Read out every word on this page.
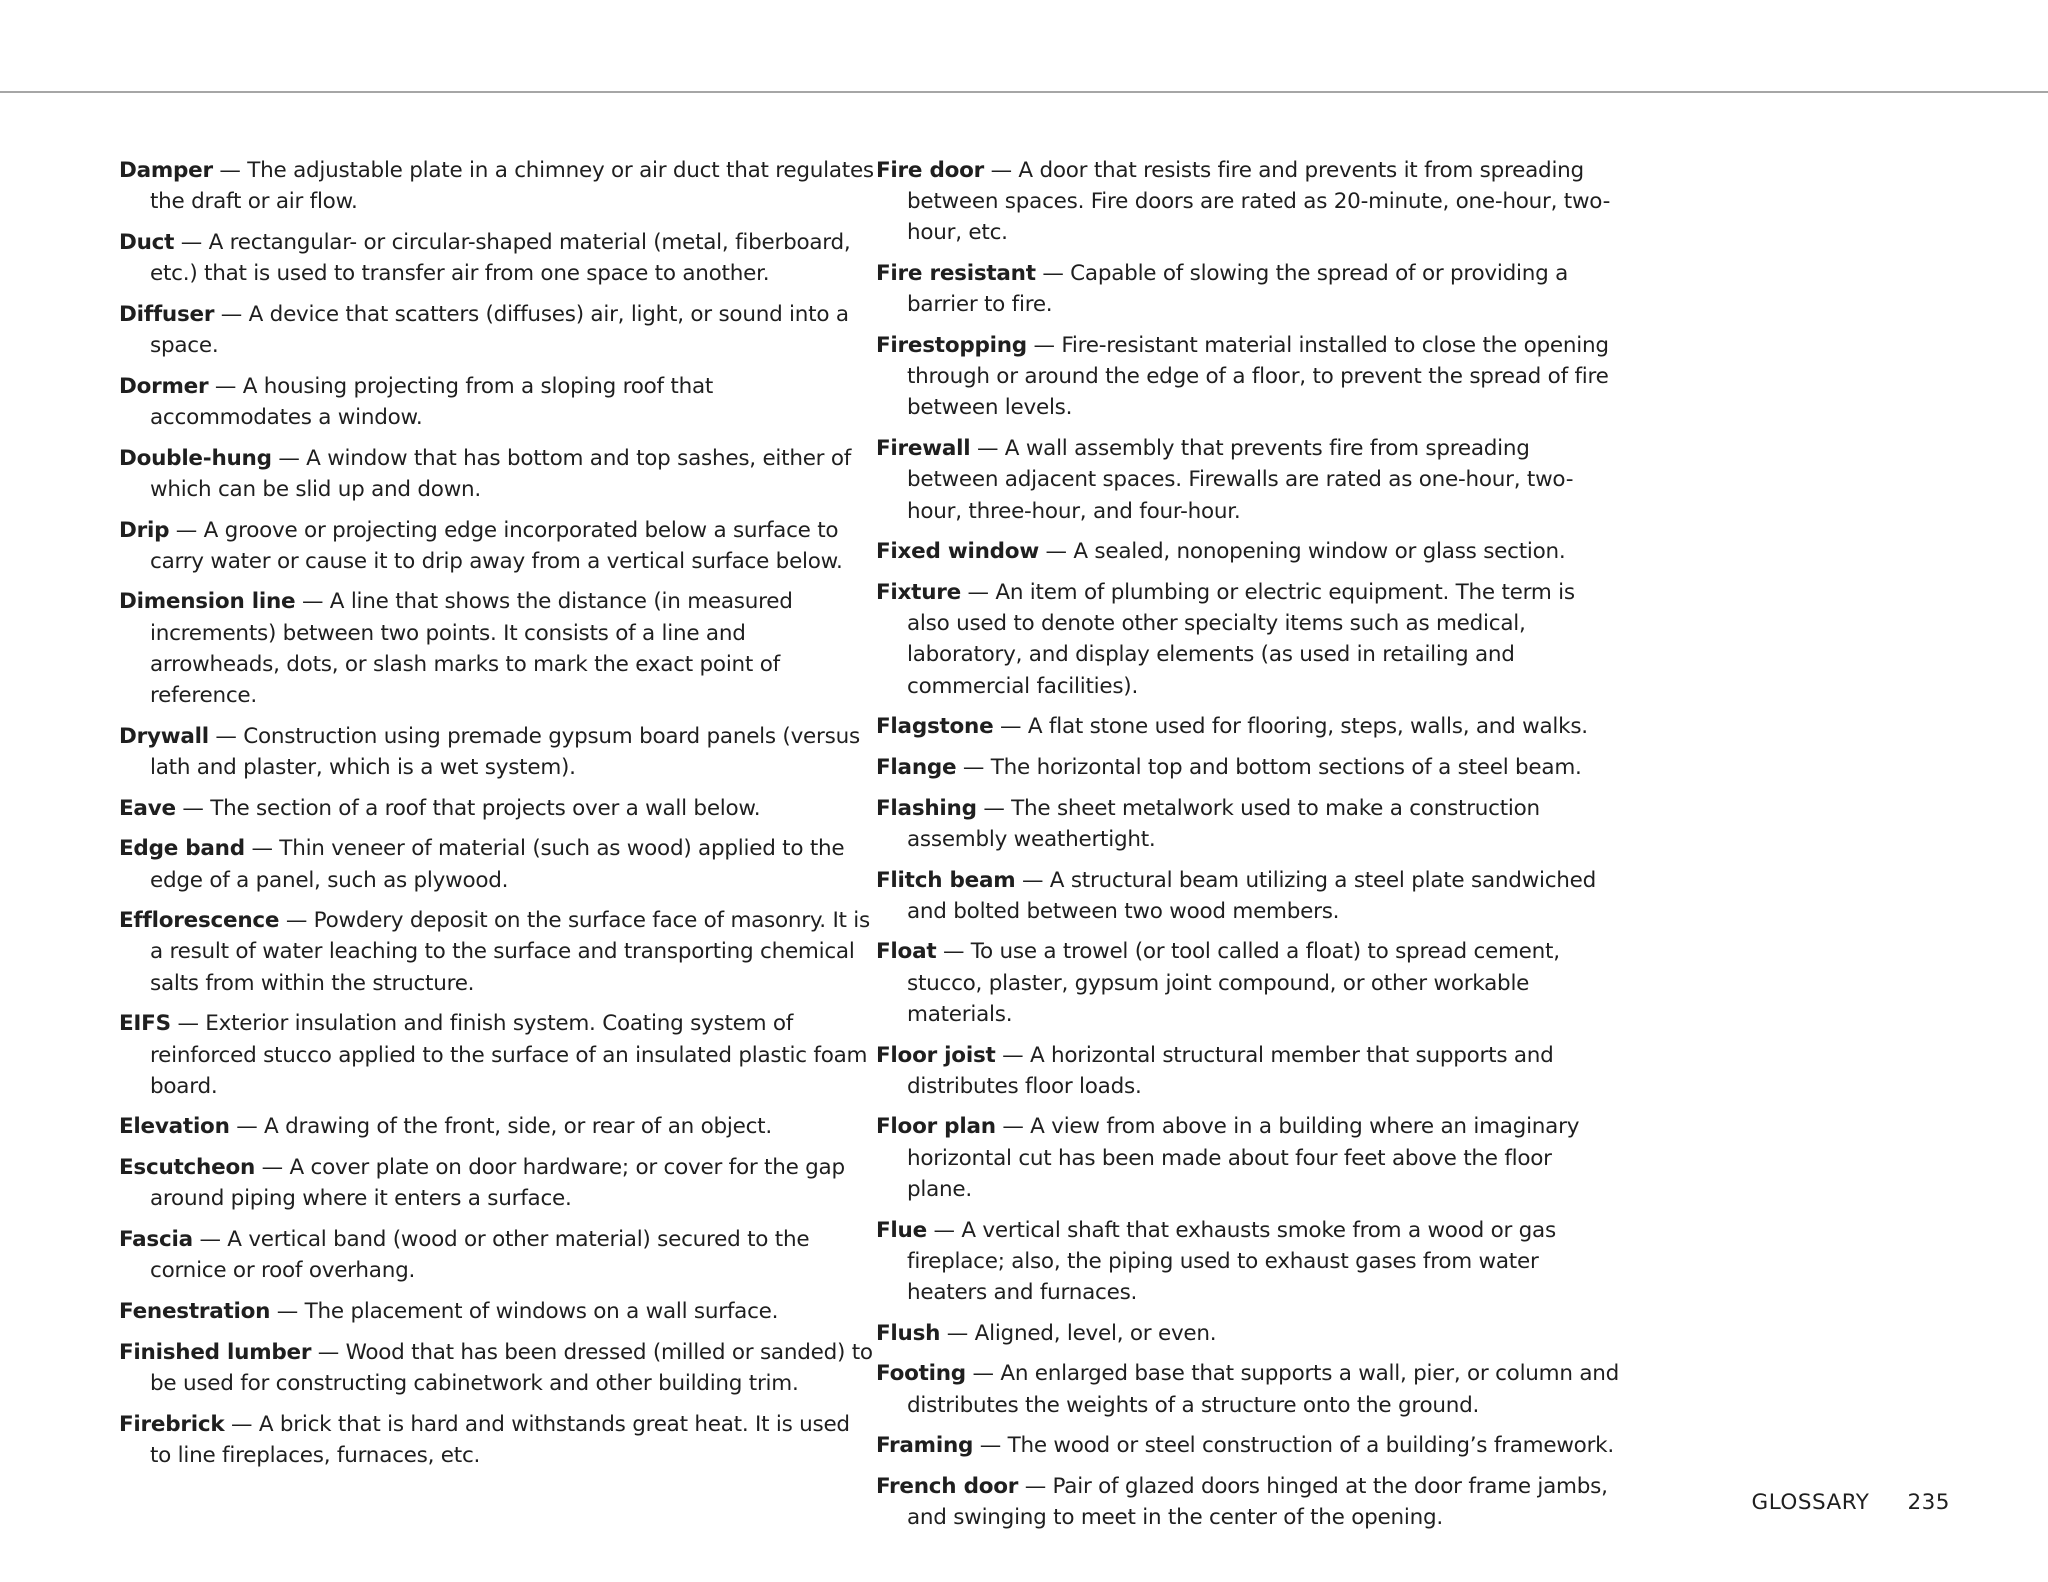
Damper — The adjustable plate in a chimney or air duct that regulates the draft or air flow.

Duct — A rectangular- or circular-shaped material (metal, fiberboard, etc.) that is used to transfer air from one space to another.

Diffuser — A device that scatters (diffuses) air, light, or sound into a space.

Dormer — A housing projecting from a sloping roof that accommodates a window.

Double-hung — A window that has bottom and top sashes, either of which can be slid up and down.

Drip — A groove or projecting edge incorporated below a surface to carry water or cause it to drip away from a vertical surface below.

Dimension line — A line that shows the distance (in measured increments) between two points. It consists of a line and arrowheads, dots, or slash marks to mark the exact point of reference.

Drywall — Construction using premade gypsum board panels (versus lath and plaster, which is a wet system).

Eave — The section of a roof that projects over a wall below.

Edge band — Thin veneer of material (such as wood) applied to the edge of a panel, such as plywood.

Efflorescence — Powdery deposit on the surface face of masonry. It is a result of water leaching to the surface and transporting chemical salts from within the structure.

EIFS — Exterior insulation and finish system. Coating system of reinforced stucco applied to the surface of an insulated plastic foam board.

Elevation — A drawing of the front, side, or rear of an object.

Escutcheon — A cover plate on door hardware; or cover for the gap around piping where it enters a surface.

Fascia — A vertical band (wood or other material) secured to the cornice or roof overhang.

Fenestration — The placement of windows on a wall surface.

Finished lumber — Wood that has been dressed (milled or sanded) to be used for constructing cabinetwork and other building trim.

Firebrick — A brick that is hard and withstands great heat. It is used to line fireplaces, furnaces, etc.

Fire door — A door that resists fire and prevents it from spreading between spaces. Fire doors are rated as 20-minute, one-hour, two-hour, etc.

Fire resistant — Capable of slowing the spread of or providing a barrier to fire.

Firestopping — Fire-resistant material installed to close the opening through or around the edge of a floor, to prevent the spread of fire between levels.

Firewall — A wall assembly that prevents fire from spreading between adjacent spaces. Firewalls are rated as one-hour, two-hour, three-hour, and four-hour.

Fixed window — A sealed, nonopening window or glass section.

Fixture — An item of plumbing or electric equipment. The term is also used to denote other specialty items such as medical, laboratory, and display elements (as used in retailing and commercial facilities).

Flagstone — A flat stone used for flooring, steps, walls, and walks.

Flange — The horizontal top and bottom sections of a steel beam.

Flashing — The sheet metalwork used to make a construction assembly weathertight.

Flitch beam — A structural beam utilizing a steel plate sandwiched and bolted between two wood members.

Float — To use a trowel (or tool called a float) to spread cement, stucco, plaster, gypsum joint compound, or other workable materials.

Floor joist — A horizontal structural member that supports and distributes floor loads.

Floor plan — A view from above in a building where an imaginary horizontal cut has been made about four feet above the floor plane.

Flue — A vertical shaft that exhausts smoke from a wood or gas fireplace; also, the piping used to exhaust gases from water heaters and furnaces.

Flush — Aligned, level, or even.

Footing — An enlarged base that supports a wall, pier, or column and distributes the weights of a structure onto the ground.

Framing — The wood or steel construction of a building’s framework.

French door — Pair of glazed doors hinged at the door frame jambs, and swinging to meet in the center of the opening.

GLOSSARY 235
